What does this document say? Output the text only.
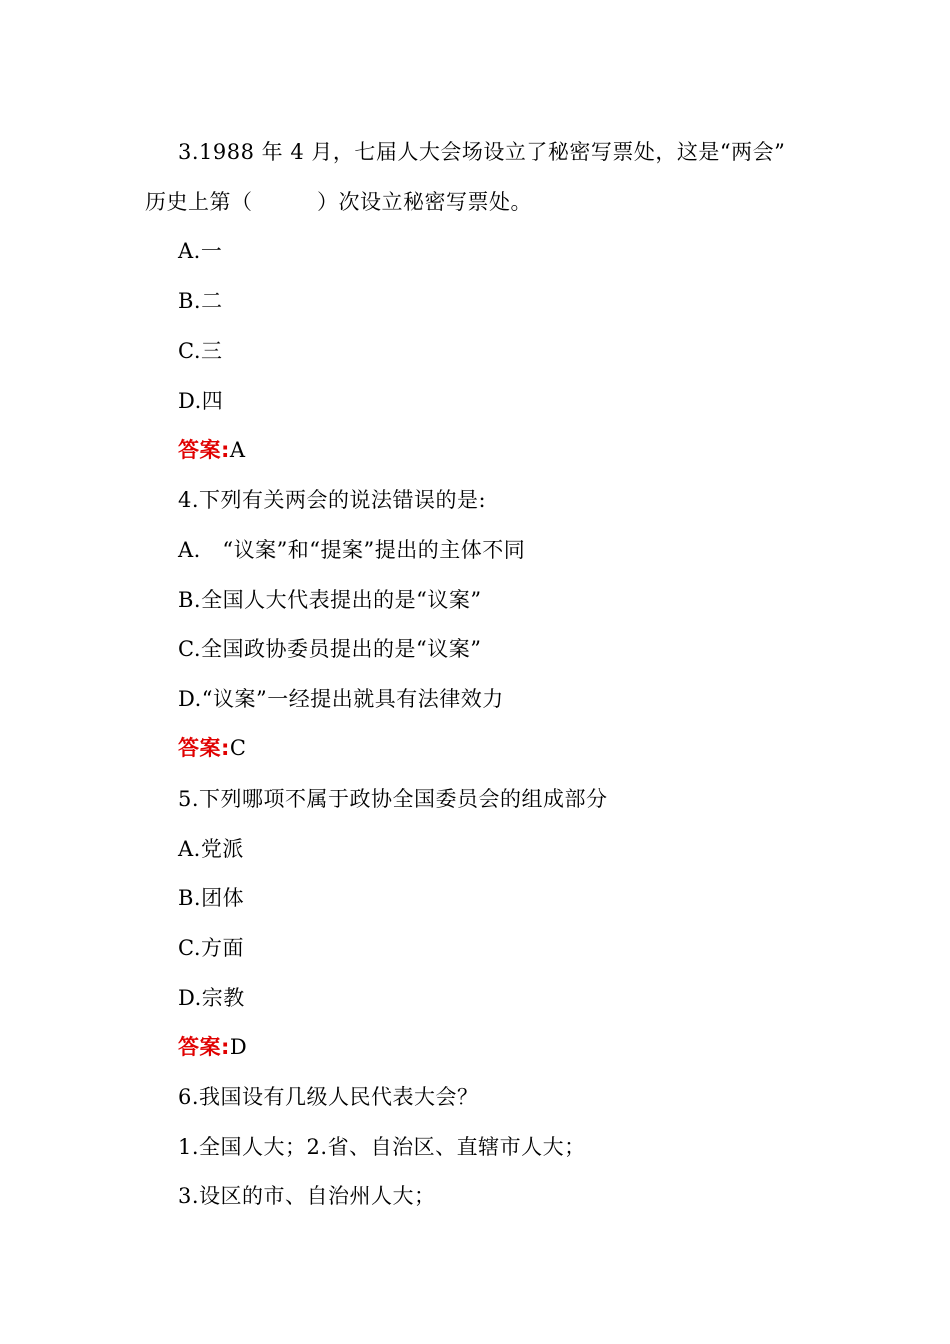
3.1988 年 4 月，七届人大会场设立了秘密写票处，这是“两会”
历史上第（　　　）次设立秘密写票处。
A.一
B.二
C.三
D.四
答案:A
4.下列有关两会的说法错误的是:
A.　“议案”和“提案”提出的主体不同
B.全国人大代表提出的是“议案”
C.全国政协委员提出的是“议案”
D.“议案”一经提出就具有法律效力
答案:C
5.下列哪项不属于政协全国委员会的组成部分
A.党派
B.团体
C.方面
D.宗教
答案:D
6.我国设有几级人民代表大会？
1.全国人大；2.省、自治区、直辖市人大；
3.设区的市、自治州人大；
